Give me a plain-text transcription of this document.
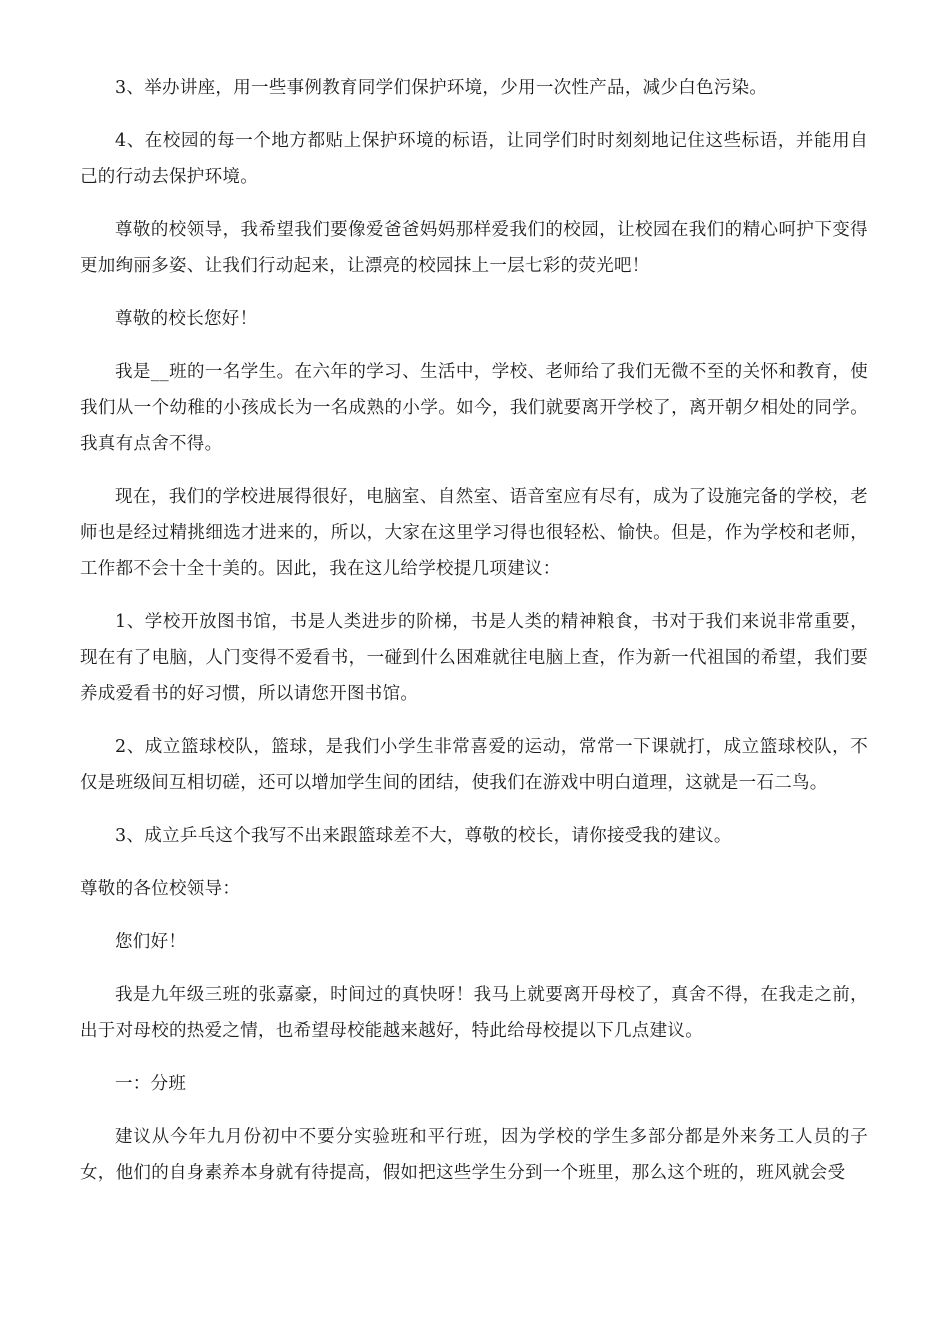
3、举办讲座，用一些事例教育同学们保护环境，少用一次性产品，减少白色污染。

4、在校园的每一个地方都贴上保护环境的标语，让同学们时时刻刻地记住这些标语，并能用自己的行动去保护环境。

尊敬的校领导，我希望我们要像爱爸爸妈妈那样爱我们的校园，让校园在我们的精心呵护下变得更加绚丽多姿、让我们行动起来，让漂亮的校园抹上一层七彩的荧光吧！

尊敬的校长您好！

我是__班的一名学生。在六年的学习、生活中，学校、老师给了我们无微不至的关怀和教育，使我们从一个幼稚的小孩成长为一名成熟的小学。如今，我们就要离开学校了，离开朝夕相处的同学。我真有点舍不得。

现在，我们的学校进展得很好，电脑室、自然室、语音室应有尽有，成为了设施完备的学校，老师也是经过精挑细选才进来的，所以，大家在这里学习得也很轻松、愉快。但是，作为学校和老师，工作都不会十全十美的。因此，我在这儿给学校提几项建议：

1、学校开放图书馆，书是人类进步的阶梯，书是人类的精神粮食，书对于我们来说非常重要，现在有了电脑，人门变得不爱看书，一碰到什么困难就往电脑上查，作为新一代祖国的希望，我们要养成爱看书的好习惯，所以请您开图书馆。

2、成立篮球校队，篮球，是我们小学生非常喜爱的运动，常常一下课就打，成立篮球校队，不仅是班级间互相切磋，还可以增加学生间的团结，使我们在游戏中明白道理，这就是一石二鸟。

3、成立乒乓这个我写不出来跟篮球差不大，尊敬的校长，请你接受我的建议。

尊敬的各位校领导：

您们好！

我是九年级三班的张嘉豪，时间过的真快呀！我马上就要离开母校了，真舍不得，在我走之前，出于对母校的热爱之情，也希望母校能越来越好，特此给母校提以下几点建议。

一：分班

建议从今年九月份初中不要分实验班和平行班，因为学校的学生多部分都是外来务工人员的子女，他们的自身素养本身就有待提高，假如把这些学生分到一个班里，那么这个班的，班风就会受
